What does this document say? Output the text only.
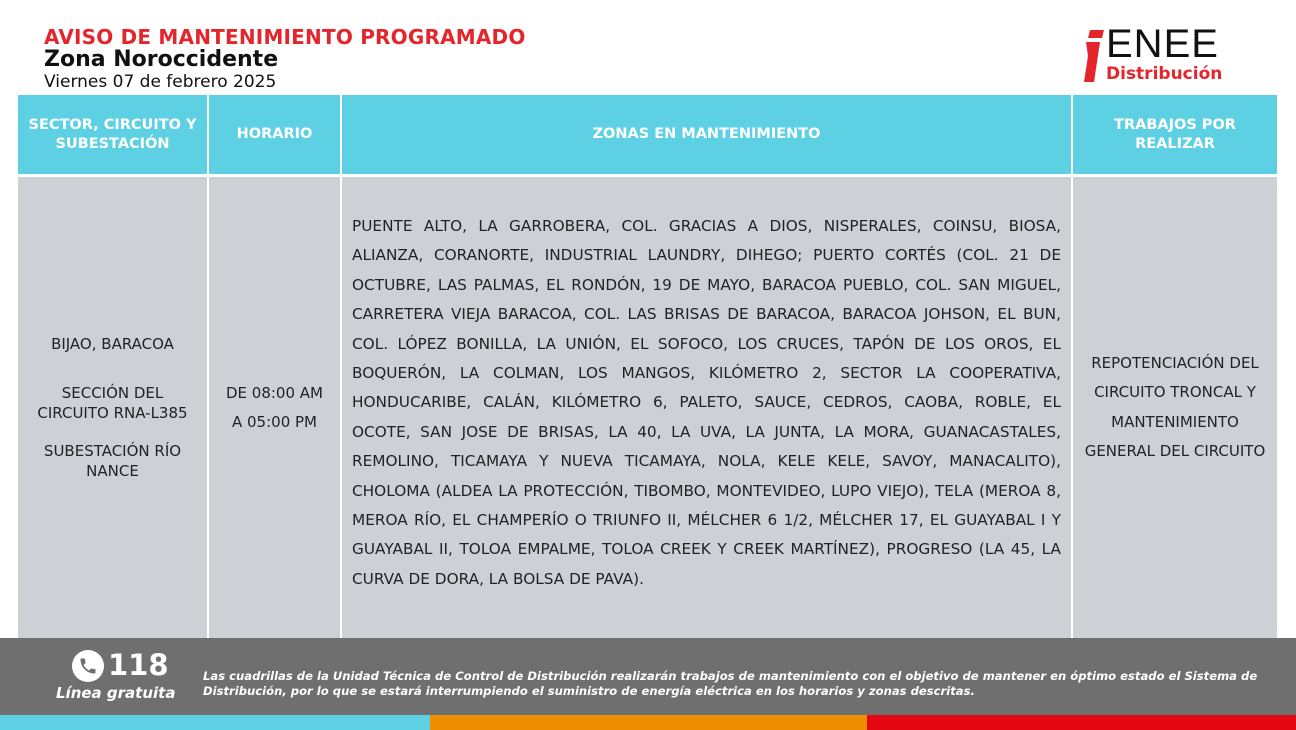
AVISO DE MANTENIMIENTO PROGRAMADO
Zona Noroccidente
Viernes 07 de febrero 2025
ENEE
Distribución
SECTOR, CIRCUITO Y SUBESTACIÓN
HORARIO	ZONAS EN MANTENIMIENTO
TRABAJOS POR REALIZAR
BIJAO, BARACOA
SECCIÓN DEL CIRCUITO RNA-L385
SUBESTACIÓN RÍO NANCE
DE 08:00 AM
A 05:00 PM
PUENTE ALTO, LA GARROBERA, COL. GRACIAS A DIOS, NISPERALES, COINSU, BIOSA, ALIANZA, CORANORTE, INDUSTRIAL LAUNDRY, DIHEGO; PUERTO CORTÉS (COL. 21 DE OCTUBRE, LAS PALMAS, EL RONDÓN, 19 DE MAYO, BARACOA PUEBLO, COL. SAN MIGUEL, CARRETERA VIEJA BARACOA, COL. LAS BRISAS DE BARACOA, BARACOA JOHSON, EL BUN, COL. LÓPEZ BONILLA, LA UNIÓN, EL SOFOCO, LOS CRUCES, TAPÓN DE LOS OROS, EL BOQUERÓN, LA COLMAN, LOS MANGOS, KILÓMETRO 2, SECTOR LA COOPERATIVA, HONDUCARIBE, CALÁN, KILÓMETRO 6, PALETO, SAUCE, CEDROS, CAOBA, ROBLE, EL OCOTE, SAN JOSE DE BRISAS, LA 40, LA UVA, LA JUNTA, LA MORA, GUANACASTALES, REMOLINO, TICAMAYA Y NUEVA TICAMAYA, NOLA, KELE KELE, SAVOY, MANACALITO), CHOLOMA (ALDEA LA PROTECCIÓN, TIBOMBO, MONTEVIDEO, LUPO VIEJO), TELA (MEROA 8, MEROA RÍO, EL CHAMPERÍO O TRIUNFO II, MÉLCHER 6 1/2, MÉLCHER 17, EL GUAYABAL I Y GUAYABAL II, TOLOA EMPALME, TOLOA CREEK Y CREEK MARTÍNEZ), PROGRESO (LA 45, LA CURVA DE DORA, LA BOLSA DE PAVA).
REPOTENCIACIÓN DEL CIRCUITO TRONCAL Y MANTENIMIENTO GENERAL DEL CIRCUITO
118
Línea gratuita
Las cuadrillas de la Unidad Técnica de Control de Distribución realizarán trabajos de mantenimiento con el objetivo de mantener en óptimo estado el Sistema de Distribución, por lo que se estará interrumpiendo el suministro de energía eléctrica en los horarios y zonas descritas.
